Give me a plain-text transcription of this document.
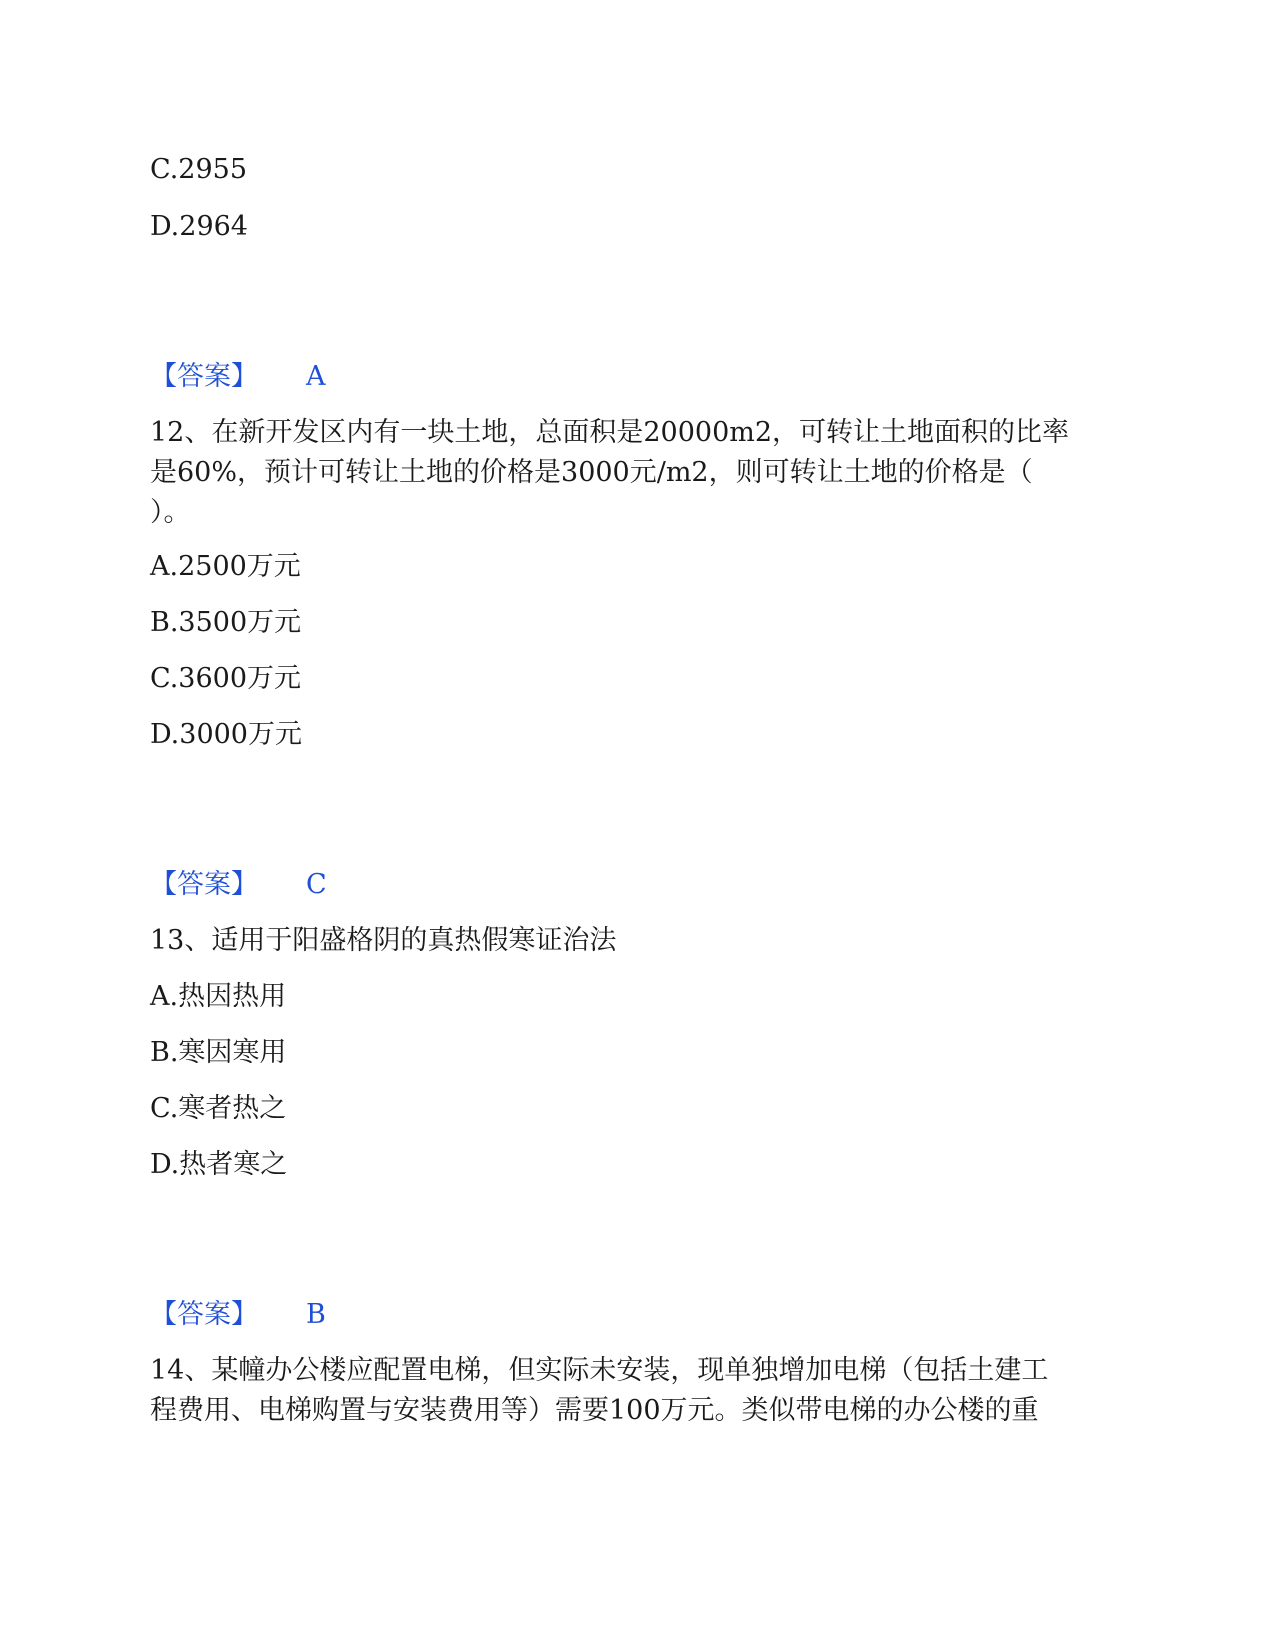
C.2955
D.2964
【答案】 A
12、在新开发区内有一块土地，总面积是20000m2，可转让土地面积的比率
是60%，预计可转让土地的价格是3000元/m2，则可转让土地的价格是（
）。
A.2500万元
B.3500万元
C.3600万元
D.3000万元
【答案】 C
13、适用于阳盛格阴的真热假寒证治法
A.热因热用
B.寒因寒用
C.寒者热之
D.热者寒之
【答案】 B
14、某幢办公楼应配置电梯，但实际未安装，现单独增加电梯（包括土建工
程费用、电梯购置与安装费用等）需要100万元。类似带电梯的办公楼的重
